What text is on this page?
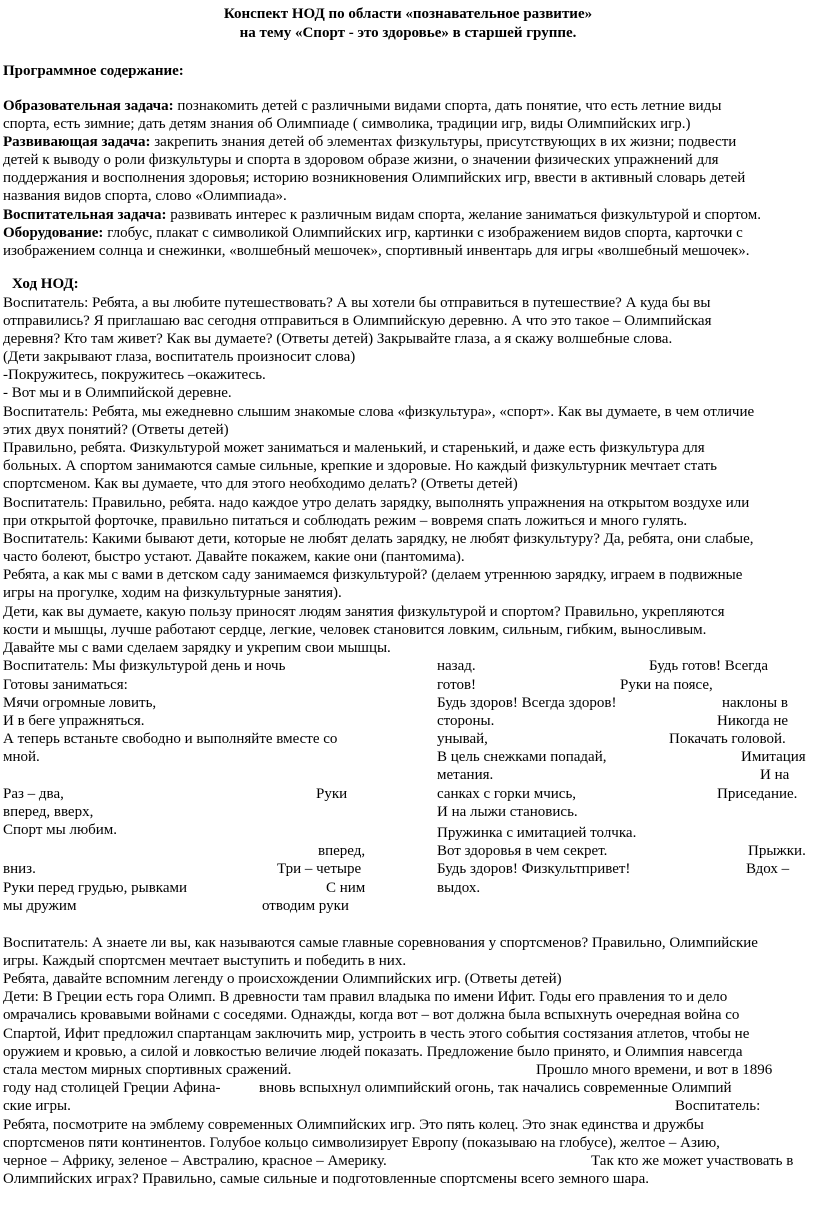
Конспект НОД по области «познавательное развитие»
на тему «Спорт - это здоровье» в старшей группе.
Программное содержание:
Образовательная задача: познакомить детей с различными видами спорта, дать понятие, что есть летние виды
спорта, есть зимние; дать детям знания об Олимпиаде ( символика, традиции игр, виды Олимпийских игр.)
Развивающая задача: закрепить знания детей об элементах физкультуры, присутствующих в их жизни; подвести
детей к выводу о роли физкультуры и спорта в здоровом образе жизни, о значении физических упражнений для
поддержания и восполнения здоровья; историю возникновения Олимпийских игр, ввести в активный словарь детей
названия видов спорта, слово «Олимпиада».
Воспитательная задача: развивать интерес к различным видам спорта, желание заниматься физкультурой и спортом.
Оборудование: глобус, плакат с символикой Олимпийских игр, картинки с изображением видов спорта, карточки с
изображением солнца и снежинки, «волшебный мешочек», спортивный инвентарь для игры «волшебный мешочек».
Ход НОД:
Воспитатель: Ребята, а вы любите путешествовать? А вы хотели бы отправиться в путешествие? А куда бы вы
отправились? Я приглашаю вас сегодня отправиться в Олимпийскую деревню. А что это такое – Олимпийская
деревня? Кто там живет? Как вы думаете? (Ответы детей) Закрывайте глаза, а я скажу волшебные слова.
(Дети закрывают глаза, воспитатель произносит слова)
-Покружитесь, покружитесь –окажитесь.
- Вот мы и в Олимпийской деревне.
Воспитатель: Ребята, мы ежедневно слышим знакомые слова «физкультура», «спорт». Как вы думаете, в чем отличие
этих двух понятий? (Ответы детей)
Правильно, ребята. Физкультурой может заниматься и маленький, и старенький, и даже есть физкультура для
больных. А спортом занимаются самые сильные, крепкие и здоровые. Но каждый физкультурник мечтает стать
спортсменом. Как вы думаете, что для этого необходимо делать? (Ответы детей)
Воспитатель: Правильно, ребята. надо каждое утро делать зарядку, выполнять упражнения на открытом воздухе или
при открытой форточке, правильно питаться и соблюдать режим – вовремя спать ложиться и много гулять.
Воспитатель: Какими бывают дети, которые не любят делать зарядку, не любят физкультуру? Да, ребята, они слабые,
часто болеют, быстро устают. Давайте покажем, какие они (пантомима).
Ребята, а как мы с вами в детском саду занимаемся физкультурой? (делаем утреннюю зарядку, играем в подвижные
игры на прогулке, ходим на физкультурные занятия).
Дети, как вы думаете, какую пользу приносят людям занятия физкультурой и спортом? Правильно, укрепляются
кости и мышцы, лучше работают сердце, легкие, человек становится ловким, сильным, гибким, выносливым.
Давайте мы с вами сделаем зарядку и укрепим свои мышцы.
Воспитатель: Мы физкультурой день и ночь
Готовы заниматься:
Мячи огромные ловить,
И в беге упражняться.
А теперь встаньте свободно и выполняйте вместе со
мной.
Раз – два,	Руки
вперед, вверх,
Спорт мы любим.
вперед,
вниз.	Три – четыре
Руки перед грудью, рывками	С ним
мы дружим	отводим руки
назад.	Будь готов! Всегда
готов!	Руки на поясе,
Будь здоров! Всегда здоров!	наклоны в
стороны.	Никогда не
унывай,	Покачать головой.
В цель снежками попадай,	Имитация
метания.	И на
санках с горки мчись,	Приседание.
И на лыжи становись.
Пружинка с имитацией толчка.
Вот здоровья в чем секрет.	Прыжки.
Будь здоров! Физкультпривет!	Вдох –
выдох.
Воспитатель: А знаете ли вы, как называются самые главные соревнования у спортсменов? Правильно, Олимпийские
игры. Каждый спортсмен мечтает выступить и победить в них.
Ребята, давайте вспомним легенду о происхождении Олимпийских игр. (Ответы детей)
Дети: В Греции есть гора Олимп. В древности там правил владыка по имени Ифит. Годы его правления то и дело
омрачались кровавыми войнами с соседями. Однажды, когда вот – вот должна была вспыхнуть очередная война со
Спартой, Ифит предложил спартанцам заключить мир, устроить в честь этого события состязания атлетов, чтобы не
оружием и кровью, а силой и ловкостью величие людей показать. Предложение было принято, и Олимпия навсегда
стала местом мирных спортивных сражений.	Прошло много времени, и вот в 1896
году над столицей Греции Афина-	вновь вспыхнул олимпийский огонь, так начались современные Олимпий
ские игры.	Воспитатель:
Ребята, посмотрите на эмблему современных Олимпийских игр. Это пять колец. Это знак единства и дружбы
спортсменов пяти континентов. Голубое кольцо символизирует Европу (показываю на глобусе), желтое – Азию,
черное – Африку, зеленое – Австралию, красное – Америку.	Так кто же может участвовать в
Олимпийских играх? Правильно, самые сильные и подготовленные спортсмены всего земного шара.
